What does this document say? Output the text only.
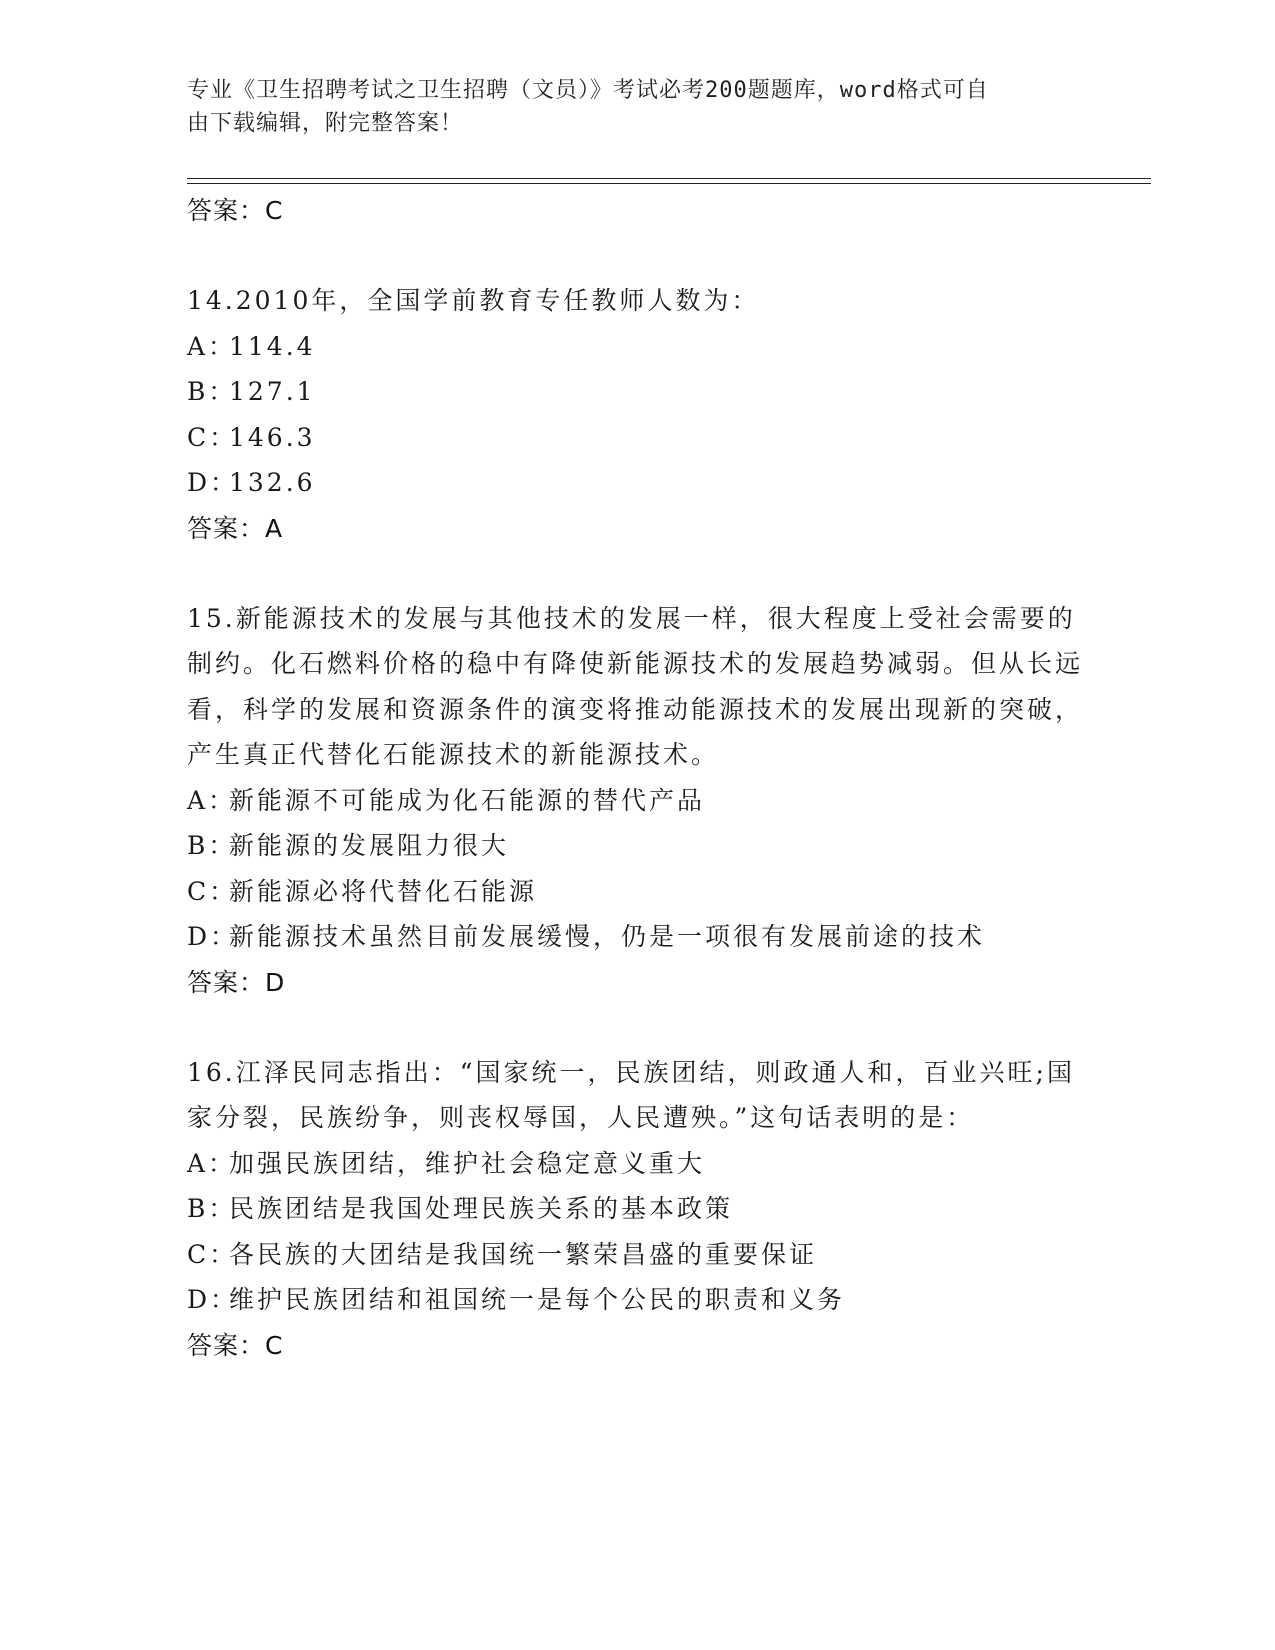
专业《卫生招聘考试之卫生招聘（文员）》考试必考200题题库，word格式可自
由下载编辑，附完整答案！
答案：C

14.2010年，全国学前教育专任教师人数为：

A：114.4

B：127.1

C：146.3

D：132.6

答案：A

15.新能源技术的发展与其他技术的发展一样，很大程度上受社会需要的制约。化石燃料价格的稳中有降使新能源技术的发展趋势减弱。但从长远看，科学的发展和资源条件的演变将推动能源技术的发展出现新的突破，产生真正代替化石能源技术的新能源技术。

A：新能源不可能成为化石能源的替代产品

B：新能源的发展阻力很大

C：新能源必将代替化石能源

D：新能源技术虽然目前发展缓慢，仍是一项很有发展前途的技术

答案：D

16.江泽民同志指出：“国家统一，民族团结，则政通人和，百业兴旺;国家分裂，民族纷争，则丧权辱国，人民遭殃。”这句话表明的是：

A：加强民族团结，维护社会稳定意义重大

B：民族团结是我国处理民族关系的基本政策

C：各民族的大团结是我国统一繁荣昌盛的重要保证

D：维护民族团结和祖国统一是每个公民的职责和义务

答案：C
